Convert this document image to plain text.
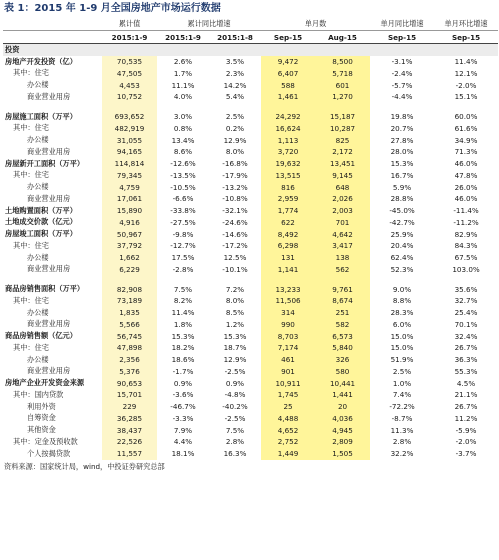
表 1：2015 年 1-9 月全国房地产市场运行数据
	累计值	累计同比增速		单月数		单月同比增速	单月环比增速
	2015:1-9	2015:1-9	2015:1-8	Sep-15	Aug-15	Sep-15	Sep-15
投资							
房地产开发投资（亿）	70,535	2.6%	3.5%	9,472	8,500	-3.1%	11.4%
其中：住宅	47,505	1.7%	2.3%	6,407	5,718	-2.4%	12.1%
办公楼	4,453	11.1%	14.2%	588	601	-5.7%	-2.0%
商业营业用房	10,752	4.0%	5.4%	1,461	1,270	-4.4%	15.1%

房屋施工面积（万平）	693,652	3.0%	2.5%	24,292	15,187	19.8%	60.0%
其中：住宅	482,919	0.8%	0.2%	16,624	10,287	20.7%	61.6%
办公楼	31,055	13.4%	12.9%	1,113	825	27.8%	34.9%
商业营业用房	94,165	8.6%	8.0%	3,720	2,172	28.0%	71.3%
房屋新开工面积（万平）	114,814	-12.6%	-16.8%	19,632	13,451	15.3%	46.0%
其中：住宅	79,345	-13.5%	-17.9%	13,515	9,145	16.7%	47.8%
办公楼	4,759	-10.5%	-13.2%	816	648	5.9%	26.0%
商业营业用房	17,061	-6.6%	-10.8%	2,959	2,026	28.8%	46.0%
土地购置面积（万平）	15,890	-33.8%	-32.1%	1,774	2,003	-45.0%	-11.4%
土地成交价款（亿元）	4,916	-27.5%	-24.6%	622	701	-42.7%	-11.2%
房屋竣工面积（万平）	50,967	-9.8%	-14.6%	8,492	4,642	25.9%	82.9%
其中：住宅	37,792	-12.7%	-17.2%	6,298	3,417	20.4%	84.3%
办公楼	1,662	17.5%	12.5%	131	138	62.4%	67.5%
商业营业用房	6,229	-2.8%	-10.1%	1,141	562	52.3%	103.0%

商品房销售面积（万平）	82,908	7.5%	7.2%	13,233	9,761	9.0%	35.6%
其中：住宅	73,189	8.2%	8.0%	11,506	8,674	8.8%	32.7%
办公楼	1,835	11.4%	8.5%	314	251	28.3%	25.4%
商业营业用房	5,566	1.8%	1.2%	990	582	6.0%	70.1%
商品房销售额（亿元）	56,745	15.3%	15.3%	8,703	6,573	15.0%	32.4%
其中：住宅	47,898	18.2%	18.7%	7,174	5,840	15.0%	26.7%
办公楼	2,356	18.6%	12.9%	461	326	51.9%	36.3%
商业营业用房	5,376	-1.7%	-2.5%	901	580	2.5%	55.3%
房地产企业开发资金来源	90,653	0.9%	0.9%	10,911	10,441	1.0%	4.5%
其中：国内贷款	15,701	-3.6%	-4.8%	1,745	1,441	7.4%	21.1%
利用外资	229	-46.7%	-40.2%	25	20	-72.2%	26.7%
自筹资金	36,285	-3.3%	-2.5%	4,488	4,036	-8.7%	11.2%
其他资金	38,437	7.9%	7.5%	4,652	4,945	11.3%	-5.9%
其中：定金及预收款	22,526	4.4%	2.8%	2,752	2,809	2.8%	-2.0%
个人按揭贷款	11,557	18.1%	16.3%	1,449	1,505	32.2%	-3.7%
资料来源：国家统计局，wind，中投证券研究总部
